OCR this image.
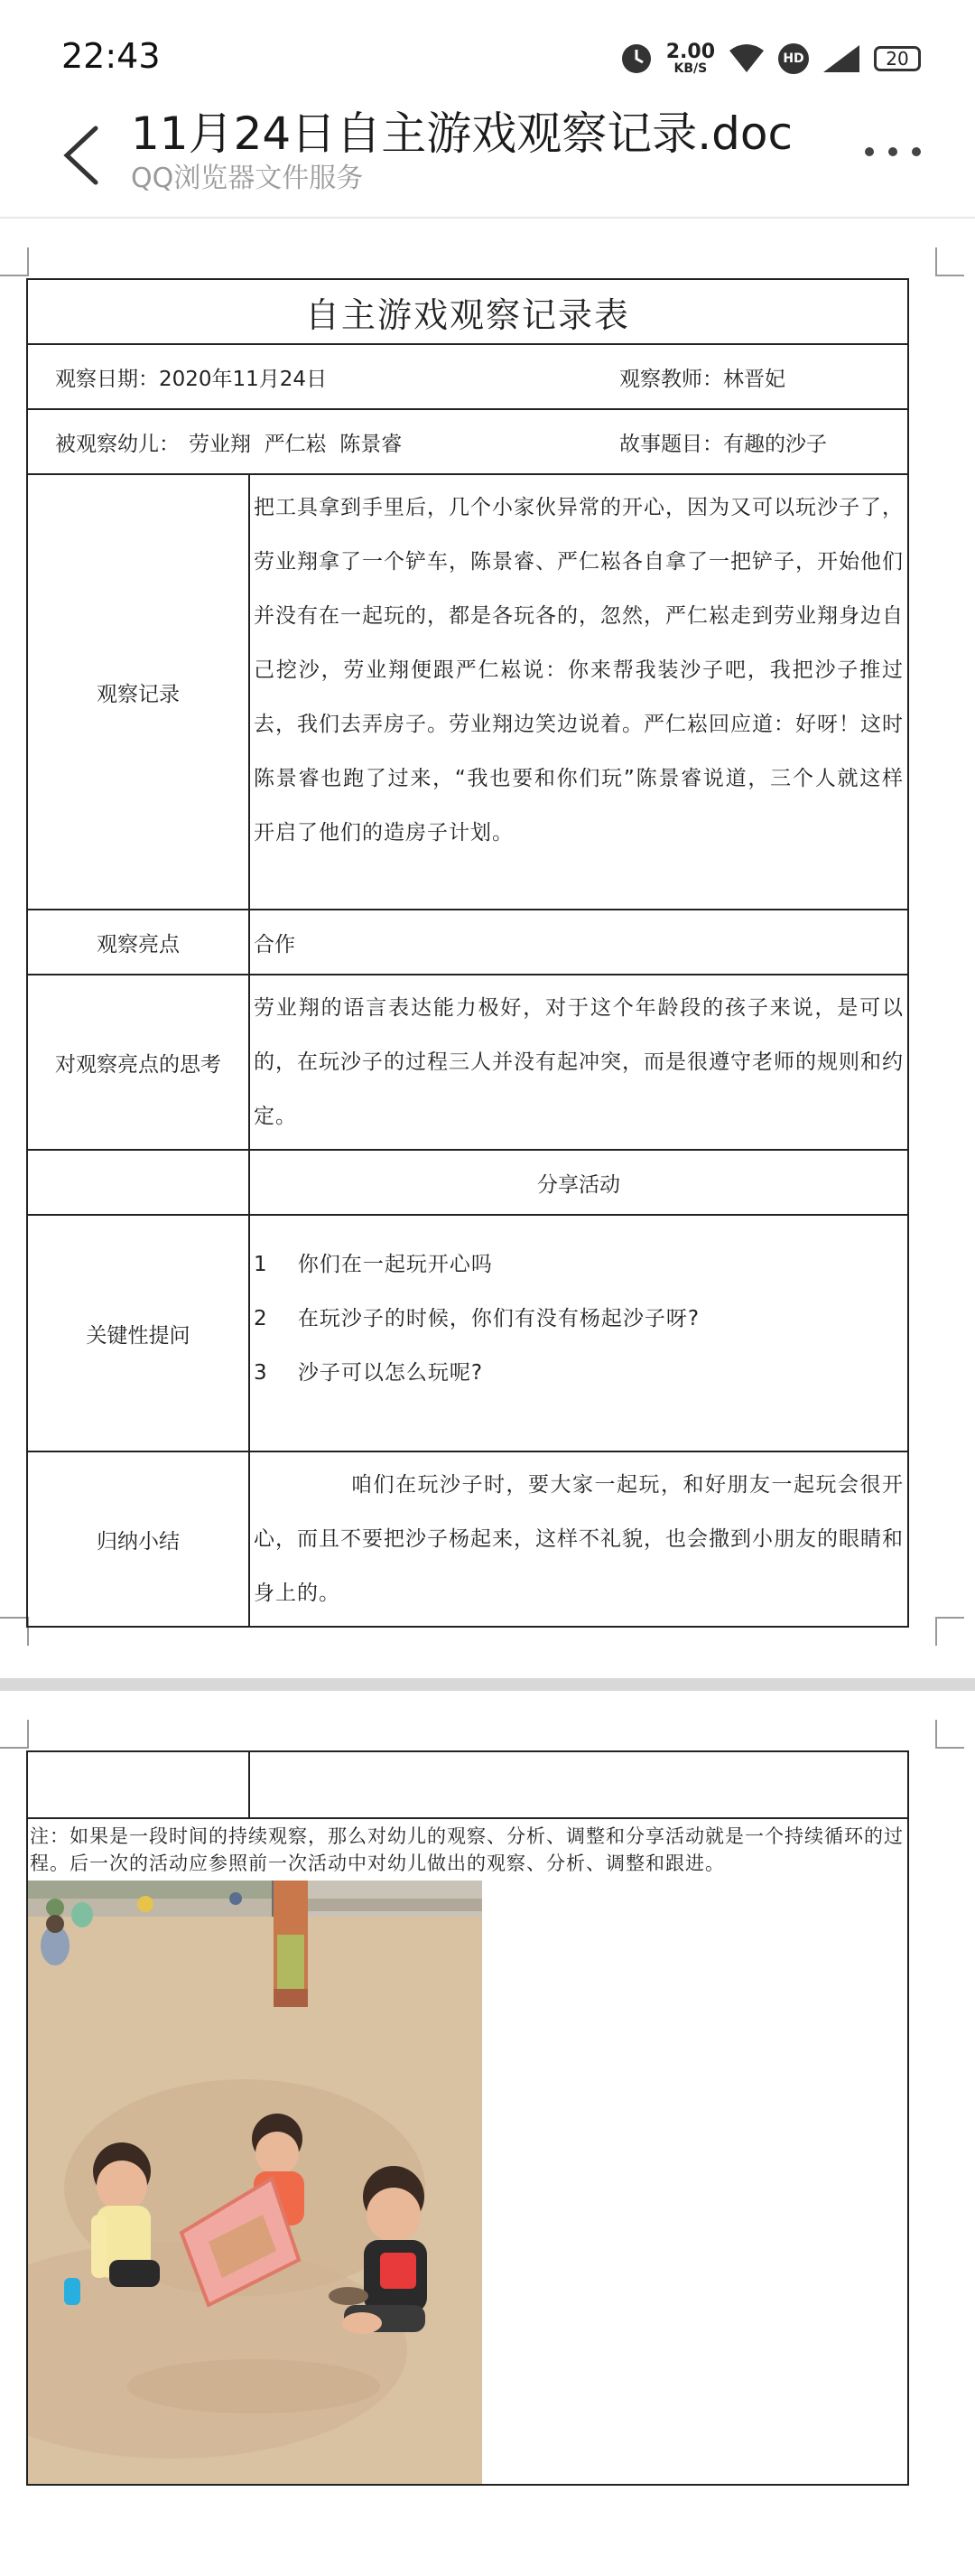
22:43	2.00
KB/S
HD	20
11月24日自主游戏观察记录.doc
QQ浏览器文件服务
自主游戏观察记录表	

观察日期：2020年11月24日 观察教师：林晋妃	

被观察幼儿： 劳业翔  严仁崧  陈景睿 故事题目：有趣的沙子	

观察记录	把工具拿到手里后，几个小家伙异常的开心，因为又可以玩沙子了，劳业翔拿了一个铲车，陈景睿、严仁崧各自拿了一把铲子，开始他们并没有在一起玩的，都是各玩各的，忽然，严仁崧走到劳业翔身边自己挖沙，劳业翔便跟严仁崧说：你来帮我装沙子吧，我把沙子推过去，我们去弄房子。劳业翔边笑边说着。严仁崧回应道：好呀！这时陈景睿也跑了过来，“我也要和你们玩”陈景睿说道，三个人就这样开启了他们的造房子计划。
观察亮点	合作
对观察亮点的思考	劳业翔的语言表达能力极好，对于这个年龄段的孩子来说，是可以的，在玩沙子的过程三人并没有起冲突，而是很遵守老师的规则和约定。
	分享活动
关键性提问	1    你们在一起玩开心吗
2    在玩沙子的时候，你们有没有杨起沙子呀?
3    沙子可以怎么玩呢?

归纳小结	咱们在玩沙子时，要大家一起玩，和好朋友一起玩会很开心，而且不要把沙子杨起来，这样不礼貌，也会撒到小朋友的眼睛和身上的。

注：如果是一段时间的持续观察，那么对幼儿的观察、分析、调整和分享活动就是一个持续循环的过程。后一次的活动应参照前一次活动中对幼儿做出的观察、分析、调整和跟进。
